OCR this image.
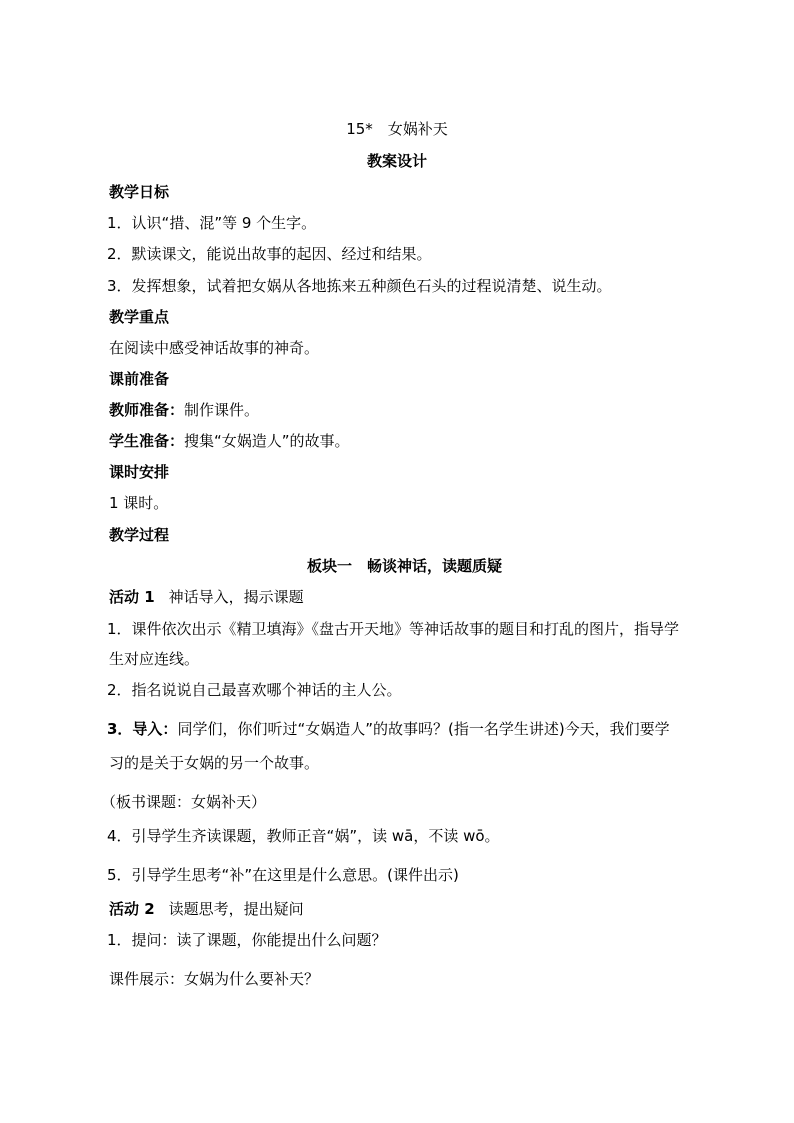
15*　女娲补天
教案设计
教学日标
1．认识“措、混”等 9 个生字。
2．默读课文，能说出故事的起因、经过和结果。
3．发挥想象，试着把女娲从各地拣来五种颜色石头的过程说清楚、说生动。
教学重点
在阅读中感受神话故事的神奇。
课前准备
教师准备：制作课件。
学生准备：搜集“女娲造人”的故事。
课时安排
1 课时。
教学过程
板块一　畅谈神话，读题质疑
活动 1 神话导入，揭示课题
1．课件依次出示《精卫填海》《盘古开天地》等神话故事的题目和打乱的图片，指导学
生对应连线。
2．指名说说自己最喜欢哪个神话的主人公。
3．导入：同学们，你们听过“女娲造人”的故事吗？(指一名学生讲述)今天，我们要学
习的是关于女娲的另一个故事。
（板书课题：女娲补天）
4．引导学生齐读课题，教师正音“娲”，读 wā，不读 wō。
5．引导学生思考“补”在这里是什么意思。(课件出示)
活动 2 读题思考，提出疑问
1．提问：读了课题，你能提出什么问题？
课件展示：女娲为什么要补天？
